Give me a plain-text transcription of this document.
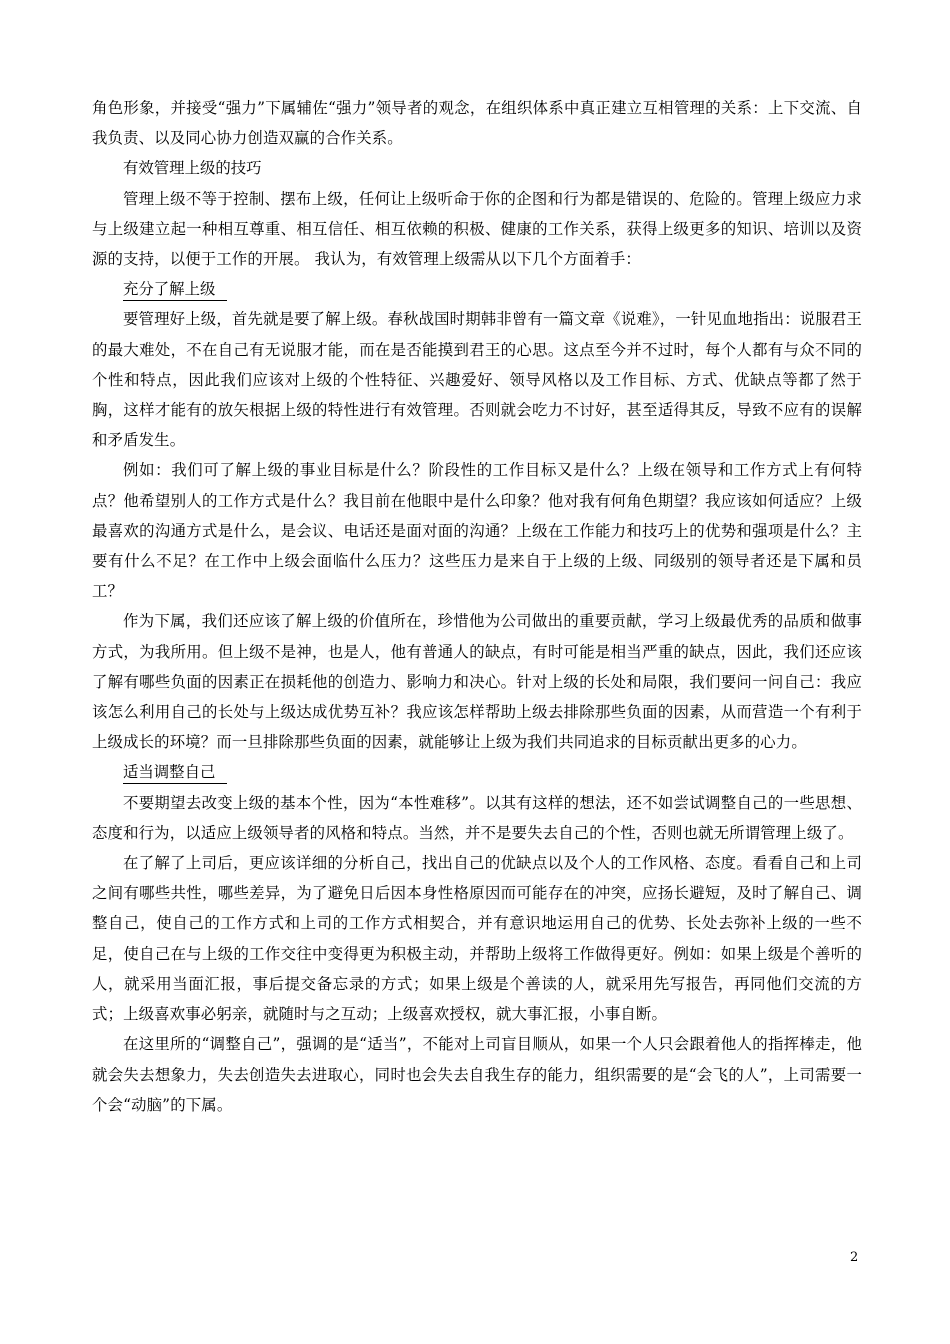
角色形象，并接受“强力”下属辅佐“强力”领导者的观念，在组织体系中真正建立互相管理的关系：上下交流、自我负责、以及同心协力创造双赢的合作关系。

有效管理上级的技巧

管理上级不等于控制、摆布上级，任何让上级听命于你的企图和行为都是错误的、危险的。管理上级应力求与上级建立起一种相互尊重、相互信任、相互依赖的积极、健康的工作关系，获得上级更多的知识、培训以及资源的支持，以便于工作的开展。 我认为，有效管理上级需从以下几个方面着手：

充分了解上级

要管理好上级，首先就是要了解上级。春秋战国时期韩非曾有一篇文章《说难》，一针见血地指出：说服君王的最大难处，不在自己有无说服才能，而在是否能摸到君王的心思。这点至今并不过时，每个人都有与众不同的个性和特点，因此我们应该对上级的个性特征、兴趣爱好、领导风格以及工作目标、方式、优缺点等都了然于胸，这样才能有的放矢根据上级的特性进行有效管理。否则就会吃力不讨好，甚至适得其反，导致不应有的误解和矛盾发生。

例如：我们可了解上级的事业目标是什么？阶段性的工作目标又是什么？上级在领导和工作方式上有何特点？他希望别人的工作方式是什么？我目前在他眼中是什么印象？他对我有何角色期望？我应该如何适应？上级最喜欢的沟通方式是什么，是会议、电话还是面对面的沟通？上级在工作能力和技巧上的优势和强项是什么？主要有什么不足？在工作中上级会面临什么压力？这些压力是来自于上级的上级、同级别的领导者还是下属和员工？

作为下属，我们还应该了解上级的价值所在，珍惜他为公司做出的重要贡献，学习上级最优秀的品质和做事方式，为我所用。但上级不是神，也是人，他有普通人的缺点，有时可能是相当严重的缺点，因此，我们还应该了解有哪些负面的因素正在损耗他的创造力、影响力和决心。针对上级的长处和局限，我们要问一问自己：我应该怎么利用自己的长处与上级达成优势互补？我应该怎样帮助上级去排除那些负面的因素，从而营造一个有利于上级成长的环境？而一旦排除那些负面的因素，就能够让上级为我们共同追求的目标贡献出更多的心力。

适当调整自己

不要期望去改变上级的基本个性，因为“本性难移”。以其有这样的想法，还不如尝试调整自己的一些思想、态度和行为，以适应上级领导者的风格和特点。当然，并不是要失去自己的个性，否则也就无所谓管理上级了。

在了解了上司后，更应该详细的分析自己，找出自己的优缺点以及个人的工作风格、态度。看看自己和上司之间有哪些共性，哪些差异，为了避免日后因本身性格原因而可能存在的冲突，应扬长避短，及时了解自己、调整自己，使自己的工作方式和上司的工作方式相契合，并有意识地运用自己的优势、长处去弥补上级的一些不足，使自己在与上级的工作交往中变得更为积极主动，并帮助上级将工作做得更好。例如：如果上级是个善听的人，就采用当面汇报，事后提交备忘录的方式；如果上级是个善读的人，就采用先写报告，再同他们交流的方式；上级喜欢事必躬亲，就随时与之互动；上级喜欢授权，就大事汇报，小事自断。

在这里所的“调整自己”，强调的是“适当”，不能对上司盲目顺从，如果一个人只会跟着他人的指挥棒走，他就会失去想象力，失去创造失去进取心，同时也会失去自我生存的能力，组织需要的是“会飞的人”，上司需要一个会“动脑”的下属。

2
